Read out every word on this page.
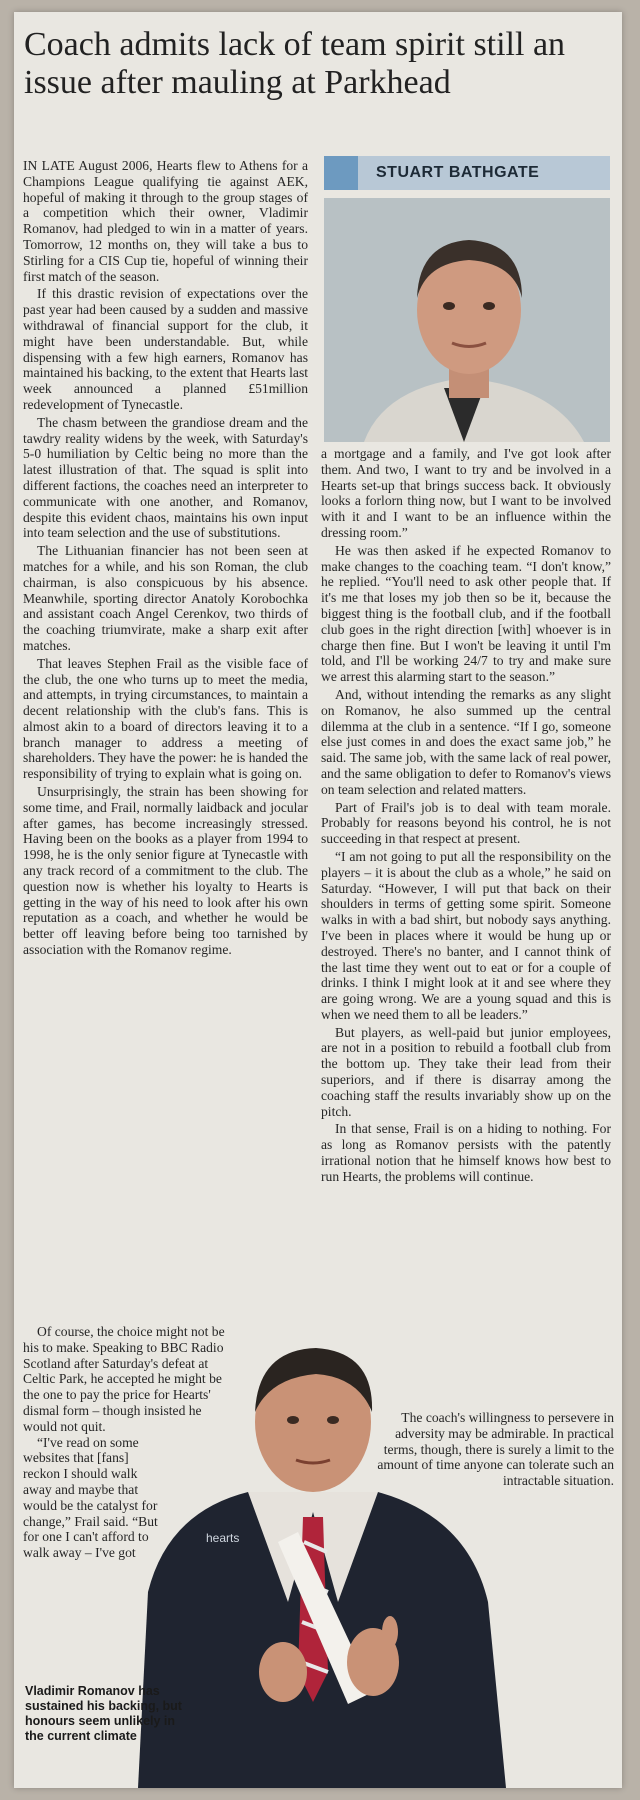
Coach admits lack of team spirit still an issue after mauling at Parkhead

IN LATE August 2006, Hearts flew to Athens for a Champions League qualifying tie against AEK, hopeful of making it through to the group stages of a competition which their owner, Vladimir Romanov, had pledged to win in a matter of years. Tomorrow, 12 months on, they will take a bus to Stirling for a CIS Cup tie, hopeful of winning their first match of the season.

If this drastic revision of expectations over the past year had been caused by a sudden and massive withdrawal of financial support for the club, it might have been understandable. But, while dispensing with a few high earners, Romanov has maintained his backing, to the extent that Hearts last week announced a planned £51million redevelopment of Tynecastle.

The chasm between the grandiose dream and the tawdry reality widens by the week, with Saturday's 5-0 humiliation by Celtic being no more than the latest illustration of that. The squad is split into different factions, the coaches need an interpreter to communicate with one another, and Romanov, despite this evident chaos, maintains his own input into team selection and the use of substitutions.

The Lithuanian financier has not been seen at matches for a while, and his son Roman, the club chairman, is also conspicuous by his absence. Meanwhile, sporting director Anatoly Korobochka and assistant coach Angel Cerenkov, two thirds of the coaching triumvirate, make a sharp exit after matches.

That leaves Stephen Frail as the visible face of the club, the one who turns up to meet the media, and attempts, in trying circumstances, to maintain a decent relationship with the club's fans. This is almost akin to a board of directors leaving it to a branch manager to address a meeting of shareholders. They have the power: he is handed the responsibility of trying to explain what is going on.

Unsurprisingly, the strain has been showing for some time, and Frail, normally laidback and jocular after games, has become increasingly stressed. Having been on the books as a player from 1994 to 1998, he is the only senior figure at Tynecastle with any track record of a commitment to the club. The question now is whether his loyalty to Hearts is getting in the way of his need to look after his own reputation as a coach, and whether he would be better off leaving before being too tarnished by association with the Romanov regime.

STUART BATHGATE

a mortgage and a family, and I've got look after them. And two, I want to try and be involved in a Hearts set-up that brings success back. It obviously looks a forlorn thing now, but I want to be involved with it and I want to be an influence within the dressing room.”

He was then asked if he expected Romanov to make changes to the coaching team. “I don't know,” he replied. “You'll need to ask other people that. If it's me that loses my job then so be it, because the biggest thing is the football club, and if the football club goes in the right direction [with] whoever is in charge then fine. But I won't be leaving it until I'm told, and I'll be working 24/7 to try and make sure we arrest this alarming start to the season.”

And, without intending the remarks as any slight on Romanov, he also summed up the central dilemma at the club in a sentence. “If I go, someone else just comes in and does the exact same job,” he said. The same job, with the same lack of real power, and the same obligation to defer to Romanov's views on team selection and related matters.

Part of Frail's job is to deal with team morale. Probably for reasons beyond his control, he is not succeeding in that respect at present.

“I am not going to put all the responsibility on the players – it is about the club as a whole,” he said on Saturday. “However, I will put that back on their shoulders in terms of getting some spirit. Someone walks in with a bad shirt, but nobody says anything. I've been in places where it would be hung up or destroyed. There's no banter, and I cannot think of the last time they went out to eat or for a couple of drinks. I think I might look at it and see where they are going wrong. We are a young squad and this is when we need them to all be leaders.”

But players, as well-paid but junior employees, are not in a position to rebuild a football club from the bottom up. They take their lead from their superiors, and if there is disarray among the coaching staff the results invariably show up on the pitch.

In that sense, Frail is on a hiding to nothing. For as long as Romanov persists with the patently irrational notion that he himself knows how best to run Hearts, the problems will continue.

Of course, the choice might not be his to make. Speaking to BBC Radio Scotland after Saturday's defeat at Celtic Park, he accepted he might be the one to pay the price for Hearts' dismal form – though insisted he would not quit.

“I've read on some websites that [fans] reckon I should walk away and maybe that would be the catalyst for change,” Frail said. “But for one I can't afford to walk away – I've got

hearts
The coach's willingness to persevere in adversity may be admirable. In practical terms, though, there is surely a limit to the amount of time anyone can tolerate such an intractable situation.
Vladimir Romanov has sustained his backing, but honours seem unlikely in the current climate
